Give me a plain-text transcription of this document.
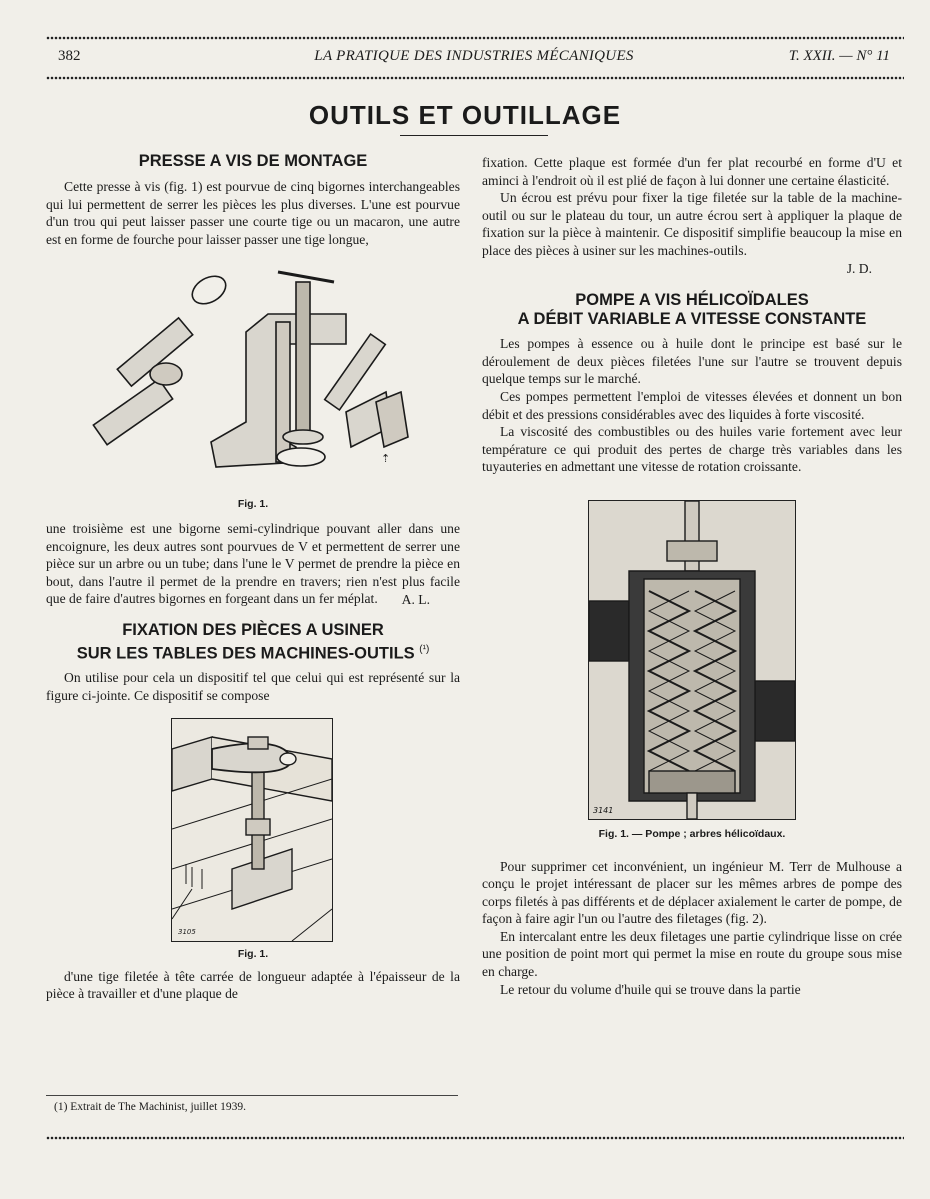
382	LA PRATIQUE DES INDUSTRIES MÉCANIQUES	T. XXII. — N° 11
OUTILS ET OUTILLAGE
PRESSE A VIS DE MONTAGE

Cette presse à vis (fig. 1) est pourvue de cinq bigornes interchangeables qui lui permettent de serrer les pièces les plus diverses. L'une est pourvue d'un trou qui peut laisser passer une courte tige ou un macaron, une autre est en forme de fourche pour laisser passer une tige longue,

⇡
Fig. 1.

une troisième est une bigorne semi-cylindrique pouvant aller dans une encoignure, les deux autres sont pourvues de V et permettent de serrer une pièce sur un arbre ou un tube; dans l'une le V permet de prendre la pièce en bout, dans l'autre il permet de la prendre en travers; rien n'est plus facile que de faire d'autres bigornes en forgeant dans un fer méplat.	A. L.
FIXATION DES PIÈCES A USINER
SUR LES TABLES DES MACHINES-OUTILS $^{(^1)}$

On utilise pour cela un dispositif tel que celui qui est représenté sur la figure ci-jointe. Ce dispositif se compose

3105
Fig. 1.

d'une tige filetée à tête carrée de longueur adaptée à l'épaisseur de la pièce à travailler et d'une plaque de

fixation. Cette plaque est formée d'un fer plat recourbé en forme d'U et aminci à l'endroit où il est plié de façon à lui donner une certaine élasticité.

Un écrou est prévu pour fixer la tige filetée sur la table de la machine-outil ou sur le plateau du tour, un autre écrou sert à appliquer la plaque de fixation sur la pièce à maintenir. Ce dispositif simplifie beaucoup la mise en place des pièces à usiner sur les machines-outils.

J. D.
POMPE A VIS HÉLICOÏDALES
A DÉBIT VARIABLE A VITESSE CONSTANTE

Les pompes à essence ou à huile dont le principe est basé sur le déroulement de deux pièces filetées l'une sur l'autre se trouvent depuis quelque temps sur le marché.

Ces pompes permettent l'emploi de vitesses élevées et donnent un bon débit et des pressions considérables avec des liquides à forte viscosité.

La viscosité des combustibles ou des huiles varie fortement avec leur température ce qui produit des pertes de charge très variables dans les tuyauteries en admettant une vitesse de rotation croissante.

3141
Fig. 1. — Pompe ; arbres hélicoïdaux.

Pour supprimer cet inconvénient, un ingénieur M. Terr de Mulhouse a conçu le projet intéressant de placer sur les mêmes arbres de pompe des corps filetés à pas différents et de déplacer axialement le carter de pompe, de façon à faire agir l'un ou l'autre des filetages (fig. 2).

En intercalant entre les deux filetages une partie cylindrique lisse on crée une position de point mort qui permet la mise en route du groupe sous mise en charge.

Le retour du volume d'huile qui se trouve dans la partie

(1) Extrait de The Machinist, juillet 1939.
